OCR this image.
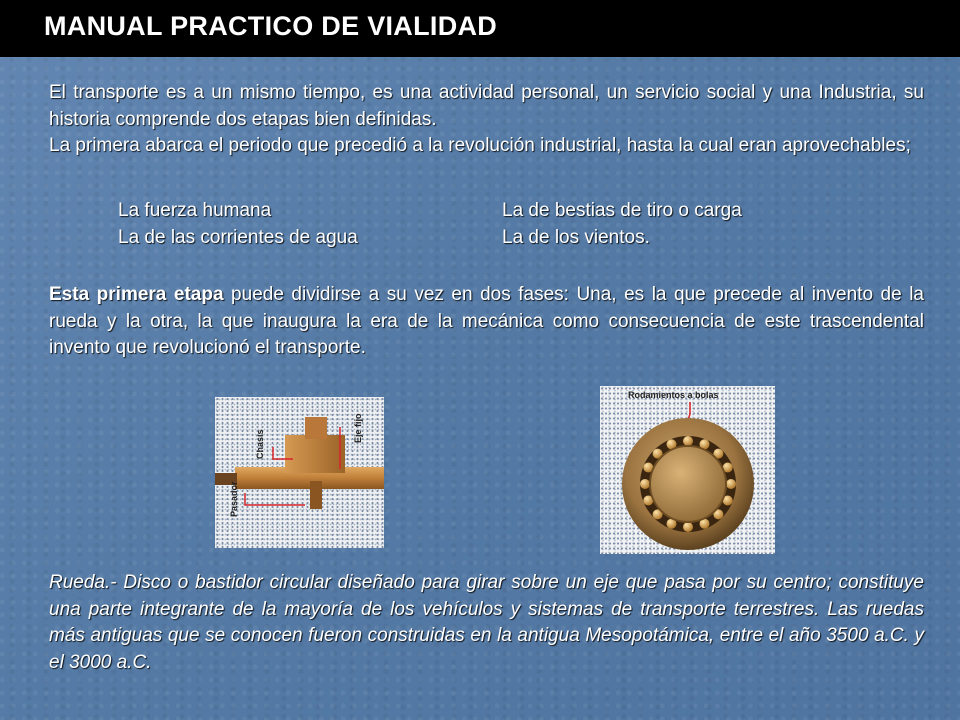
MANUAL PRACTICO DE VIALIDAD
El transporte es a un mismo tiempo, es una actividad personal, un servicio social y una Industria, su historia comprende dos etapas bien definidas.
La primera abarca el periodo que precedió a la revolución industrial, hasta la cual eran aprovechables;
La fuerza humana	La de bestias de tiro o carga
La de las corrientes de agua	La de los vientos.
Esta primera etapa puede dividirse a su vez en dos fases: Una, es la que precede al invento de la rueda y la otra, la que inaugura la era de la mecánica como consecuencia de este trascendental invento que revolucionó el transporte.
Pasador
Chasis
Eje fijo
Rodamientos a bolas
Rueda.- Disco o bastidor circular diseñado para girar sobre un eje que pasa por su centro; constituye una parte integrante de la mayoría de los vehículos y sistemas de transporte terrestres. Las ruedas más antiguas que se conocen fueron construidas en la antigua Mesopotámica, entre el año 3500 a.C. y el 3000 a.C.
